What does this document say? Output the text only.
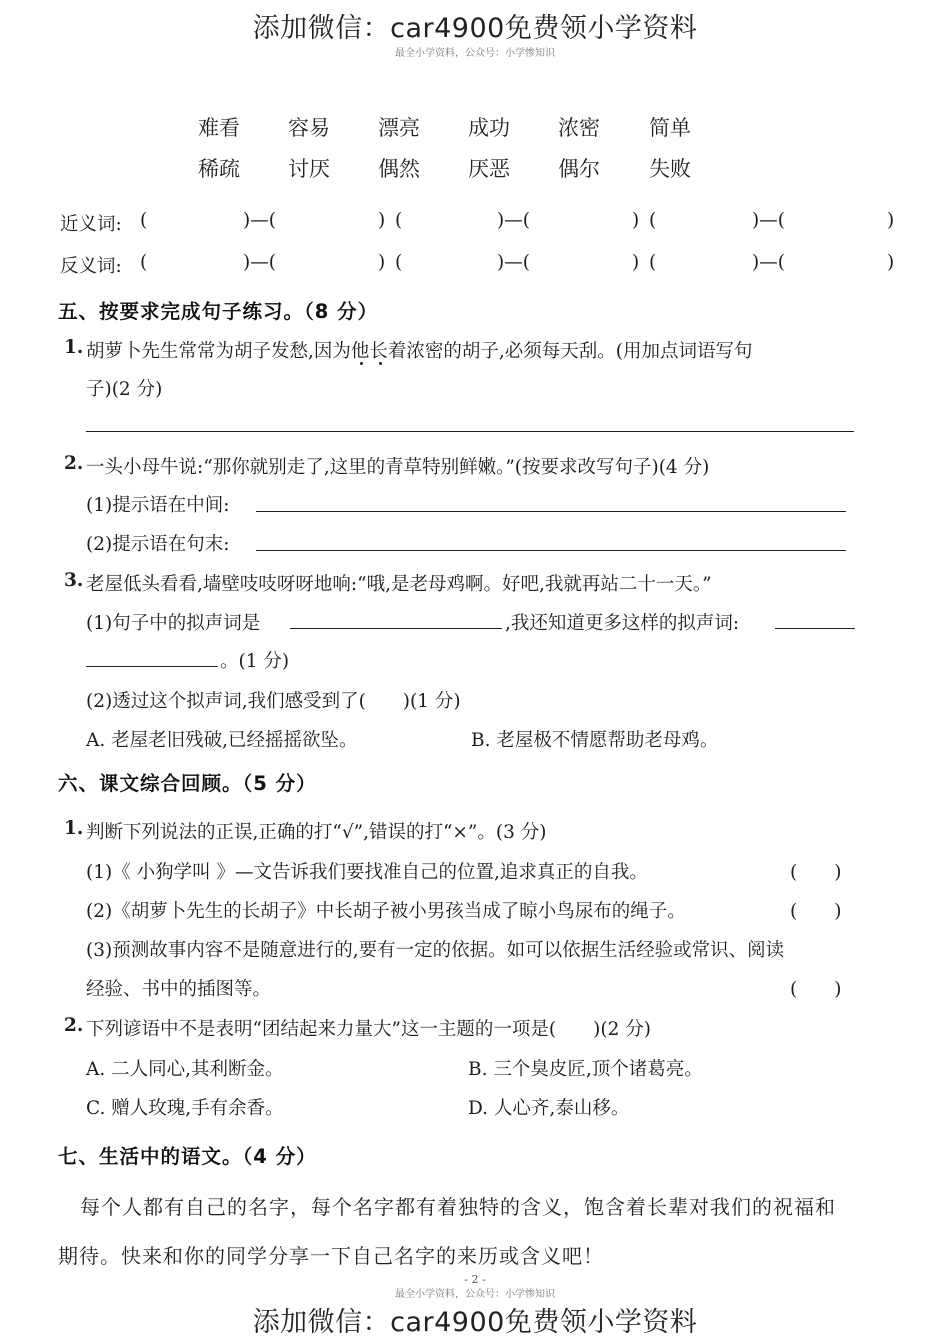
添加微信：car4900免费领小学资料
最全小学资料，公众号：小学惨知识
难看 容易 漂亮 成功 浓密 简单
稀疏 讨厌 偶然 厌恶 偶尔 失败
近义词: (	)—(	) (	)—(	) (	)—(	)
反义词: (	)—(	) (	)—(	) (	)—(	)
五、按要求完成句子练习。（8 分）
1. 胡萝卜先生常常为胡子发愁,因为他长着浓密的胡子,必须每天刮。(用加点词语写句
子)(2 分)
2. 一头小母牛说:“那你就别走了,这里的青草特别鲜嫩。”(按要求改写句子)(4 分)
(1)提示语在中间:
(2)提示语在句末:
3. 老屋低头看看,墙壁吱吱呀呀地响:“哦,是老母鸡啊。好吧,我就再站二十一天。”
(1)句子中的拟声词是	,我还知道更多这样的拟声词:
。(1 分)
(2)透过这个拟声词,我们感受到了(　　)(1 分)
A. 老屋老旧残破,已经摇摇欲坠。	B. 老屋极不情愿帮助老母鸡。
六、课文综合回顾。（5 分）
1. 判断下列说法的正误,正确的打“√”,错误的打“×”。(3 分)
(1)《 小狗学叫 》—文告诉我们要找准自己的位置,追求真正的自我。	(　　)
(2)《胡萝卜先生的长胡子》中长胡子被小男孩当成了晾小鸟尿布的绳子。	(　　)
(3)预测故事内容不是随意进行的,要有一定的依据。如可以依据生活经验或常识、阅读
经验、书中的插图等。	(　　)
2. 下列谚语中不是表明“团结起来力量大”这一主题的一项是(　　)(2 分)
A. 二人同心,其利断金。	B. 三个臭皮匠,顶个诸葛亮。
C. 赠人玫瑰,手有余香。	D. 人心齐,泰山移。
七、生活中的语文。（4 分）
每个人都有自己的名字，每个名字都有着独特的含义，饱含着长辈对我们的祝福和
期待。快来和你的同学分享一下自己名字的来历或含义吧！
- 2 -
最全小学资料，公众号：小学惨知识
添加微信：car4900免费领小学资料
